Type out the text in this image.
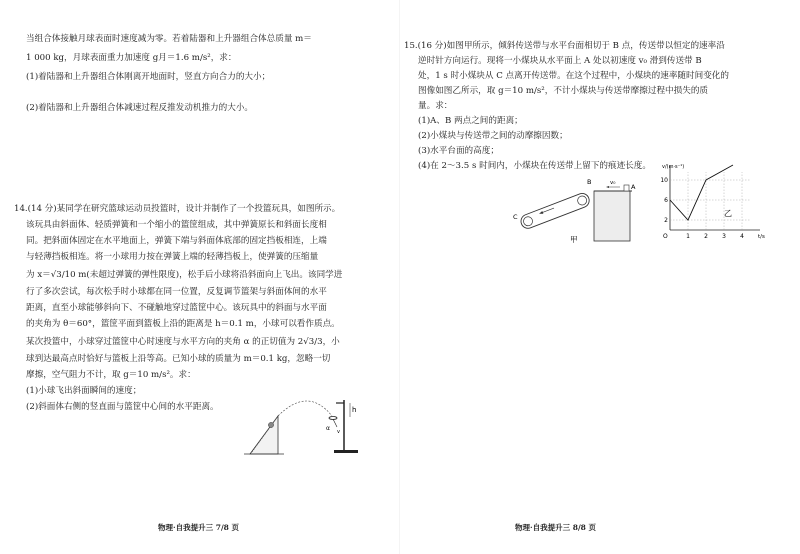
当组合体接触月球表面时速度减为零。若着陆器和上升器组合体总质量 m＝
1 000 kg，月球表面重力加速度 g月＝1.6 m/s²，求：
(1)着陆器和上升器组合体刚离开地面时，竖直方向合力的大小；
(2)着陆器和上升器组合体减速过程反推发动机推力的大小。
14.(14 分)某同学在研究篮球运动员投篮时，设计并制作了一个投篮玩具，如图所示。
该玩具由斜面体、轻质弹簧和一个缩小的篮筐组成，其中弹簧原长和斜面长度相
同。把斜面体固定在水平地面上，弹簧下端与斜面体底部的固定挡板相连，上端
与轻薄挡板相连。将一小球用力按在弹簧上端的轻薄挡板上，使弹簧的压缩量
为 x＝√3/10 m(未超过弹簧的弹性限度)，松手后小球将沿斜面向上飞出。该同学进
行了多次尝试，每次松手时小球都在同一位置，反复调节篮架与斜面体间的水平
距离，直至小球能够斜向下、不碰触地穿过篮筐中心。该玩具中的斜面与水平面
的夹角为 θ＝60°，篮筐平面到篮板上沿的距离是 h＝0.1 m，小球可以看作质点。
某次投篮中，小球穿过篮筐中心时速度与水平方向的夹角 α 的正切值为 2√3/3，小
球到达最高点时恰好与篮板上沿等高。已知小球的质量为 m＝0.1 kg，忽略一切
摩擦，空气阻力不计，取 g＝10 m/s²。求：
(1)小球飞出斜面瞬间的速度；
(2)斜面体右侧的竖直面与篮筐中心间的水平距离。	h
α v
物理·自我提升三 7/8 页
15.(16 分)如图甲所示，倾斜传送带与水平台面相切于 B 点，传送带以恒定的速率沿
逆时针方向运行。现将一小煤块从水平面上 A 处以初速度 v₀ 滑到传送带 B
处，1 s 时小煤块从 C 点离开传送带。在这个过程中，小煤块的速率随时间变化的
图像如图乙所示，取 g＝10 m/s²，不计小煤块与传送带摩擦过程中损失的质
量。求：
(1)A、B 两点之间的距离；
(2)小煤块与传送带之间的动摩擦因数；
(3)水平台面的高度；
(4)在 2～3.5 s 时间内，小煤块在传送带上留下的痕迹长度。
v₀ A
B
C
甲
10
6
2
1 2 3 4
O
v/(m·s⁻¹)
t/s
乙
物理·自我提升三 8/8 页
